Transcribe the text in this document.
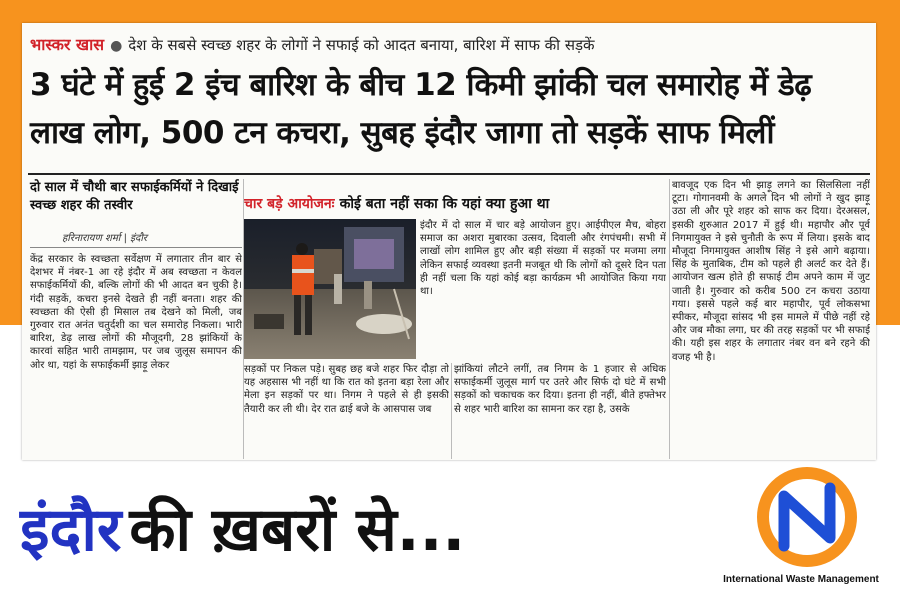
भास्कर खास ● देश के सबसे स्वच्छ शहर के लोगों ने सफाई को आदत बनाया, बारिश में साफ की सड़कें
3 घंटे में हुई 2 इंच बारिश के बीच 12 किमी झांकी चल समारोह में डेढ़
लाख लोग, 500 टन कचरा, सुबह इंदौर जागा तो सड़कें साफ मिलीं
दो साल में चौथी बार सफाईकर्मियों ने दिखाई स्वच्छ शहर की तस्वीर
हरिनारायण शर्मा | इंदौर
केंद्र सरकार के स्वच्छता सर्वेक्षण में लगातार तीन बार से देशभर में नंबर-1 आ रहे इंदौर में अब स्वच्छता न केवल सफाईकर्मियों की, बल्कि लोगों की भी आदत बन चुकी है। गंदी सड़कें, कचरा इनसे देखते ही नहीं बनता। शहर की स्वच्छता की ऐसी ही मिसाल तब देखने को मिली, जब गुरुवार रात अनंत चतुर्दशी का चल समारोह निकला। भारी बारिश, डेढ़ लाख लोगों की मौजूदगी, 28 झांकियों के कारवां सहित भारी तामझाम, पर जब जुलूस समापन की ओर था, यहां के सफाईकर्मी झाड़ू लेकर
चार बड़े आयोजनः कोई बता नहीं सका कि यहां क्या हुआ था
इंदौर में दो साल में चार बड़े आयोजन हुए। आईपीएल मैच, बोहरा समाज का अशरा मुबारका उत्सव, दिवाली और रंगपंचमी। सभी में लाखों लोग शामिल हुए और बड़ी संख्या में सड़कों पर मजमा लगा लेकिन सफाई व्यवस्था इतनी मजबूत थी कि लोगों को दूसरे दिन पता ही नहीं चला कि यहां कोई बड़ा कार्यक्रम भी आयोजित किया गया था।
सड़कों पर निकल पड़े। सुबह छह बजे शहर फिर दौड़ा तो यह अहसास भी नहीं था कि रात को इतना बड़ा रेला और मेला इन सड़कों पर था। निगम ने पहले से ही इसकी तैयारी कर ली थी। देर रात ढाई बजे के आसपास जब
झांकियां लौटने लगीं, तब निगम के 1 हजार से अधिक सफाईकर्मी जुलूस मार्ग पर उतरे और सिर्फ दो घंटे में सभी सड़कों को चकाचक कर दिया। इतना ही नहीं, बीते हफ्तेभर से शहर भारी बारिश का सामना कर रहा है, उसके
बावजूद एक दिन भी झाड़ू लगने का सिलसिला नहीं टूटा। गोगानवमी के अगले दिन भी लोगों ने खुद झाड़ू उठा ली और पूरे शहर को साफ कर दिया। देरअसल, इसकी शुरुआत 2017 में हुई थी। महापौर और पूर्व निगमायुक्त ने इसे चुनौती के रूप में लिया। इसके बाद मौजूदा निगमायुक्त आशीष सिंह ने इसे आगे बढ़ाया। सिंह के मुताबिक, टीम को पहले ही अलर्ट कर देते हैं। आयोजन खत्म होते ही सफाई टीम अपने काम में जुट जाती है। गुरुवार को करीब 500 टन कचरा उठाया गया। इससे पहले कई बार महापौर, पूर्व लोकसभा स्पीकर, मौजूदा सांसद भी इस मामले में पीछे नहीं रहे और जब मौका लगा, घर की तरह सड़कों पर भी सफाई की। यही इस शहर के लगातार नंबर वन बने रहने की वजह भी है।
इंदौर की ख़बरों से...
International Waste Management
